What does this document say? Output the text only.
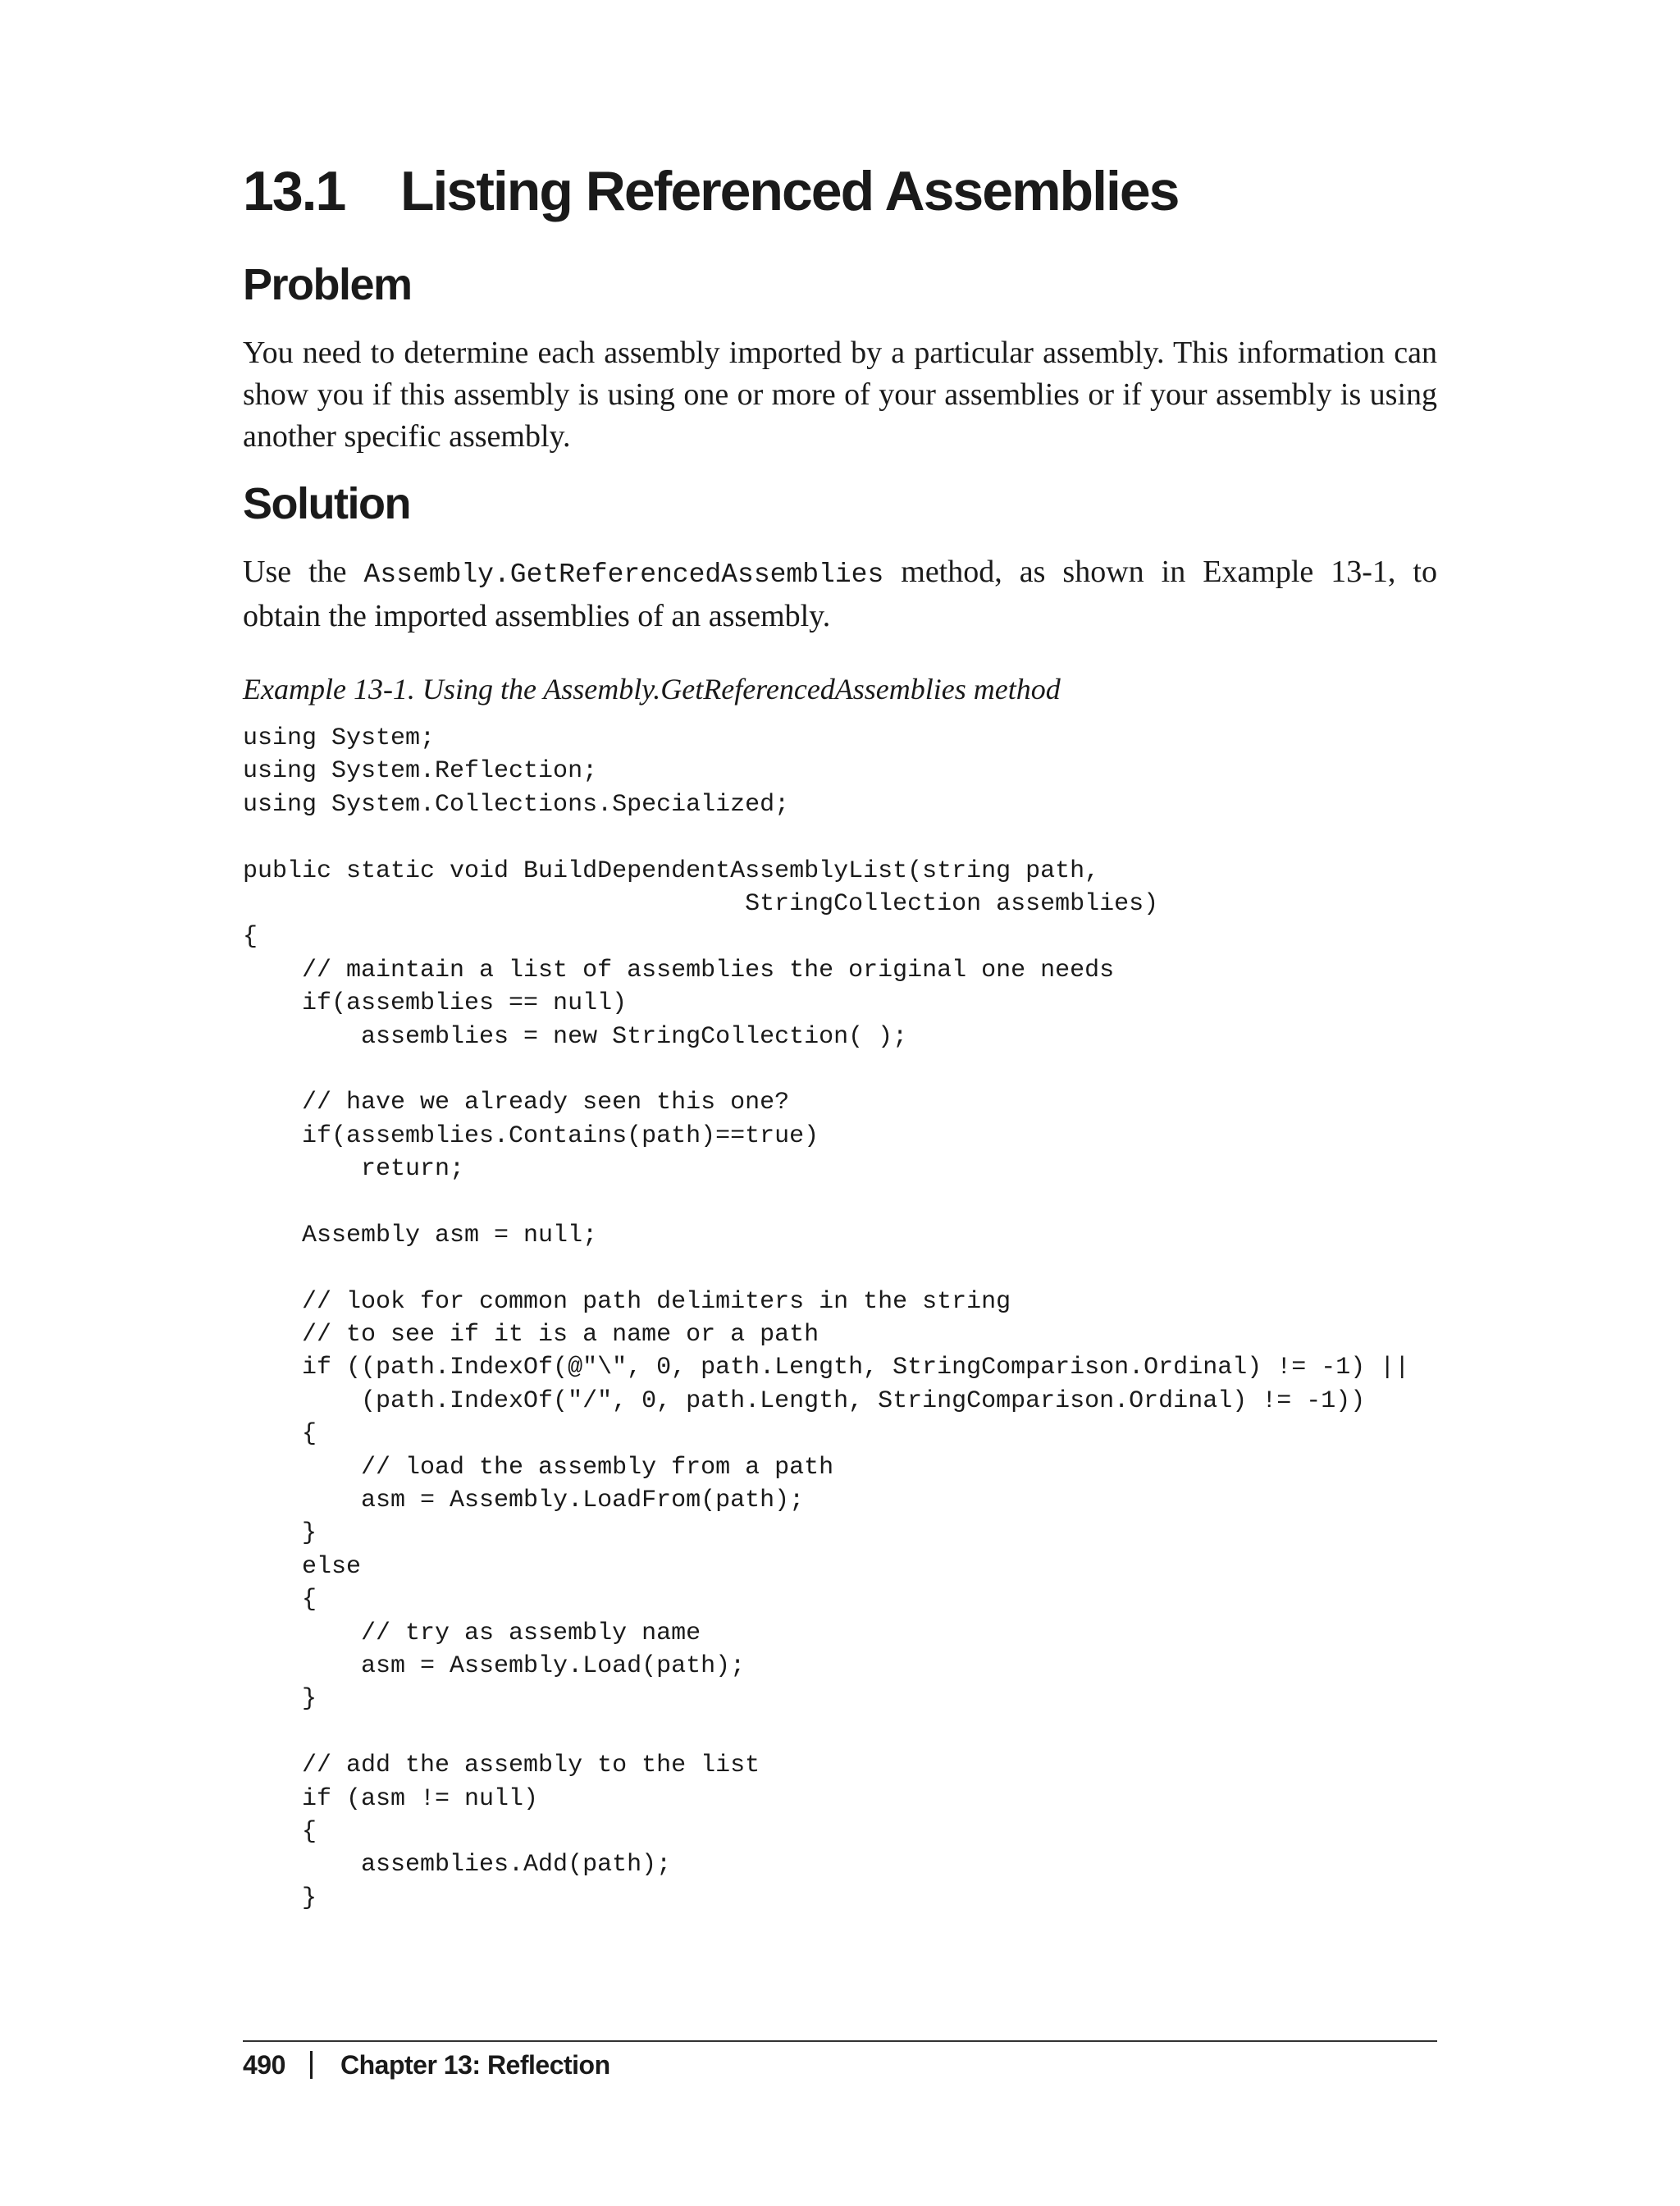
13.1 Listing Referenced Assemblies
Problem

You need to determine each assembly imported by a particular assembly. This information can show you if this assembly is using one or more of your assemblies or if your assembly is using another specific assembly.

Solution

Use the Assembly.GetReferencedAssemblies method, as shown in Example 13-1, to obtain the imported assemblies of an assembly.

Example 13-1. Using the Assembly.GetReferencedAssemblies method

using System;
using System.Reflection;
using System.Collections.Specialized;
public static void BuildDependentAssemblyList(string path,
StringCollection assemblies)
{
// maintain a list of assemblies the original one needs
if(assemblies == null)
assemblies = new StringCollection( );
// have we already seen this one?
if(assemblies.Contains(path)==true)
return;
Assembly asm = null;
// look for common path delimiters in the string
// to see if it is a name or a path
if ((path.IndexOf(@"\", 0, path.Length, StringComparison.Ordinal) != -1) ||
(path.IndexOf("/", 0, path.Length, StringComparison.Ordinal) != -1))
{
// load the assembly from a path
asm = Assembly.LoadFrom(path);
}
else
{
// try as assembly name
asm = Assembly.Load(path);
}
// add the assembly to the list
if (asm != null)
{
assemblies.Add(path);
}
490 Chapter 13: Reflection
